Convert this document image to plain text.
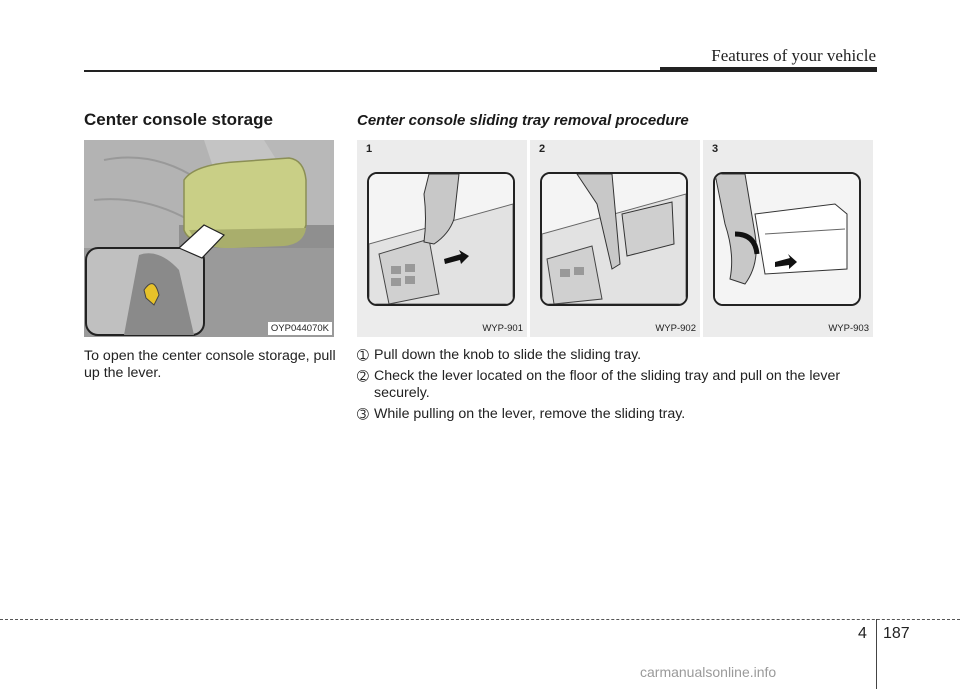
Features of your vehicle
Center console storage	Center console sliding tray removal procedure
OYP044070K
1
WYP-901
2
WYP-902
3
WYP-903
To open the center console storage, pull up the lever.
➀ Pull down the knob to slide the sliding tray.
➁ Check the lever located on the floor of the sliding tray and pull on the lever securely.
➂ While pulling on the lever, remove the sliding tray.
4 187
carmanualsonline.info
